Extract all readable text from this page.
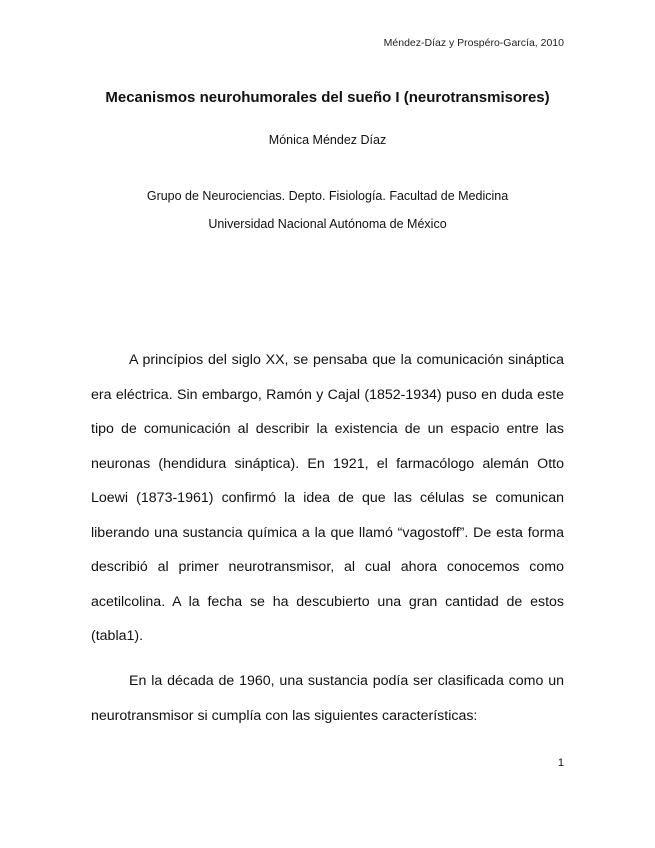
Méndez-Díaz y Prospéro-García, 2010
Mecanismos neurohumorales del sueño I (neurotransmisores)
Mónica Méndez Díaz
Grupo de Neurociencias. Depto. Fisiología. Facultad de Medicina
Universidad Nacional Autónoma de México

A princípios del siglo XX, se pensaba que la comunicación sináptica era eléctrica. Sin embargo, Ramón y Cajal (1852-1934) puso en duda este tipo de comunicación al describir la existencia de un espacio entre las neuronas (hendidura sináptica). En 1921, el farmacólogo alemán Otto Loewi (1873-1961) confirmó la idea de que las células se comunican liberando una sustancia química a la que llamó “vagostoff”. De esta forma describió al primer neurotransmisor, al cual ahora conocemos como acetilcolina. A la fecha se ha descubierto una gran cantidad de estos (tabla1).

En la década de 1960, una sustancia podía ser clasificada como un neurotransmisor si cumplía con las siguientes características:

1
